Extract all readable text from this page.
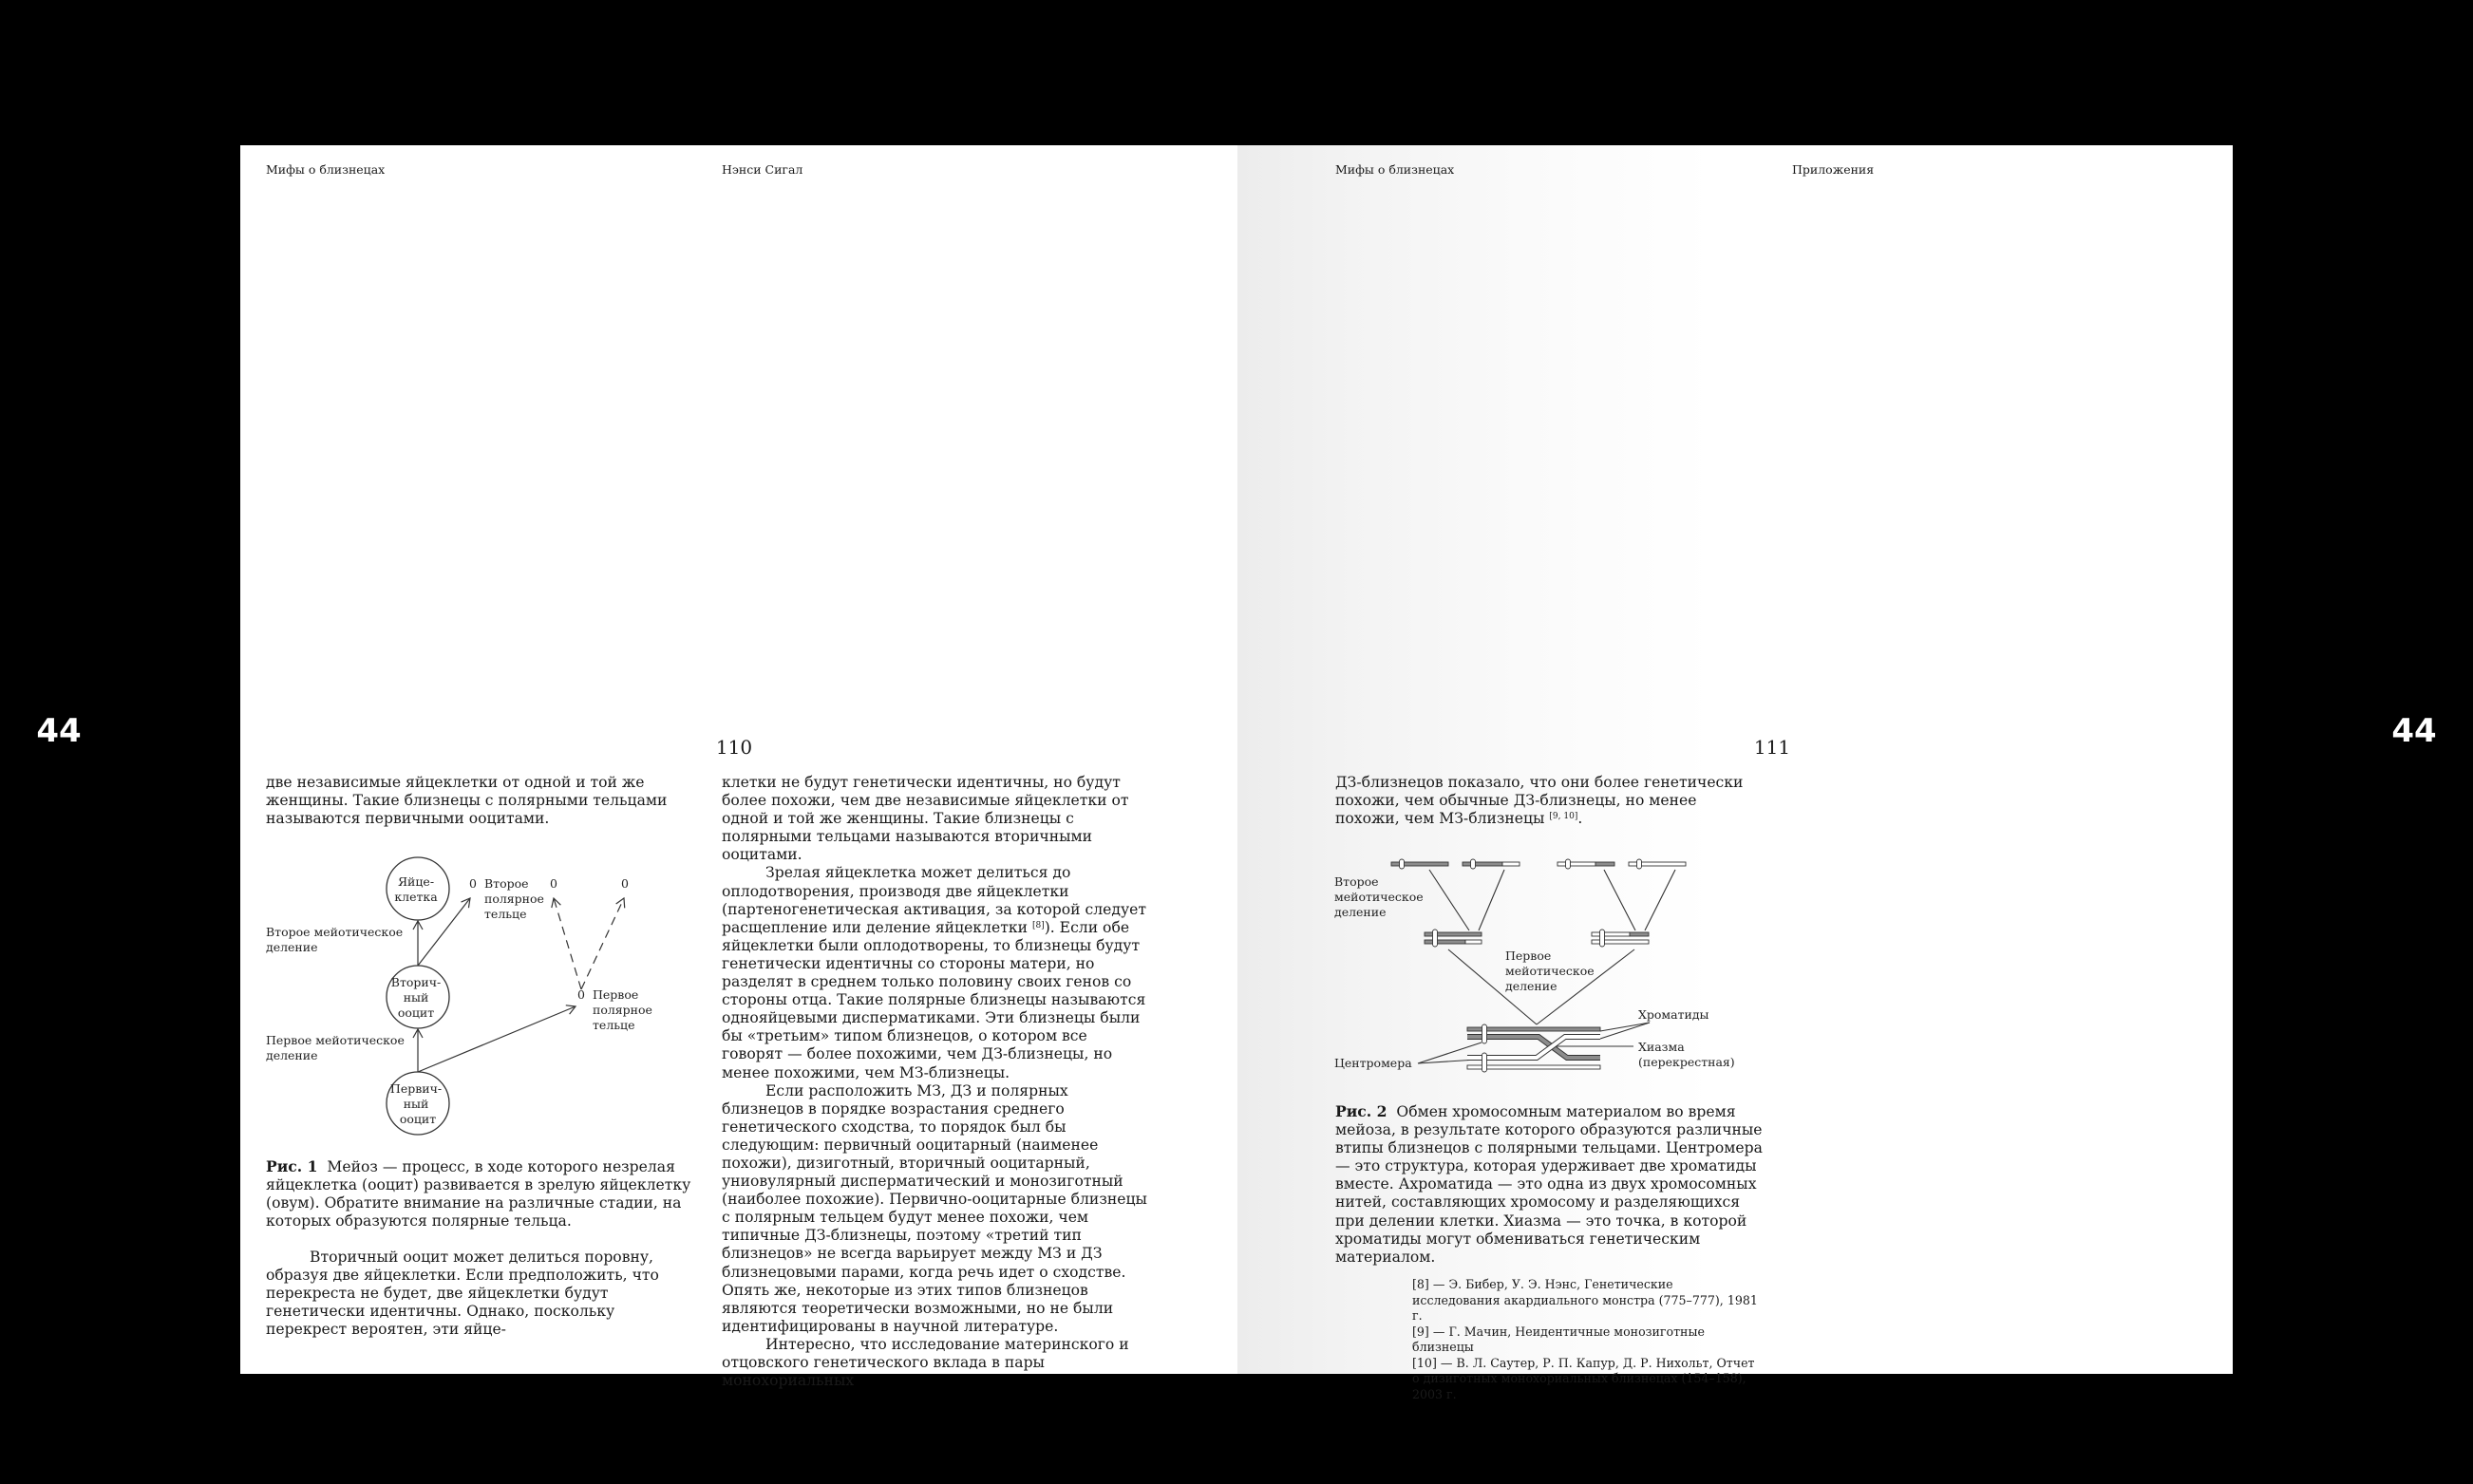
44	44
Мифы о близнецах	Нэнси Сигал
110

две независимые яйцеклетки от одной и той же женщины. Такие близнецы с полярными тельцами называются первичными ооцитами.

Яйце- клетка Вторич- ный ооцит Первич- ный ооцит
0	0	0 0
Второе полярное тельце Первое полярное тельце
Второе мейотическое деление Первое мейотическое деление

Рис. 1 Мейоз — процесс, в ходе которого незрелая яйцеклетка (ооцит) развивается в зрелую яйцеклетку (овум). Обратите внимание на различные стадии, на которых образуются полярные тельца.

Вторичный ооцит может делиться поровну, образуя две яйцеклетки. Если предположить, что перекреста не будет, две яйцеклетки будут генетически идентичны. Однако, поскольку перекрест вероятен, эти яйце-

клетки не будут генетически идентичны, но будут более похожи, чем две независимые яйцеклетки от одной и той же женщины. Такие близнецы с полярными тельцами называются вторичными ооцитами.

Зрелая яйцеклетка может делиться до оплодотворения, производя две яйцеклетки (партеногенетическая активация, за которой следует расщепление или деление яйцеклетки [8]). Если обе яйцеклетки были оплодотворены, то близнецы будут генетически идентичны со стороны матери, но разделят в среднем только половину своих генов со стороны отца. Такие полярные близнецы называются однояйцевыми дисперматиками. Эти близнецы были бы «третьим» типом близнецов, о котором все говорят — более похожими, чем ДЗ-близнецы, но менее похожими, чем МЗ-близнецы.

Если расположить МЗ, ДЗ и полярных близнецов в порядке возрастания среднего генетического сходства, то порядок был бы следующим: первичный ооцитарный (наименее похожи), дизиготный, вторичный ооцитарный, униовулярный дисперматический и монозиготный (наиболее похожие). Первично-ооцитарные близнецы с полярным тельцем будут менее похожи, чем типичные ДЗ-близнецы, поэтому «третий тип близнецов» не всегда варьирует между МЗ и ДЗ близнецовыми парами, когда речь идет о сходстве. Опять же, некоторые из этих типов близнецов являются теоретически возможными, но не были идентифицированы в научной литературе.

Интересно, что исследование материнского и отцовского генетического вклада в пары монохориальных

Мифы о близнецах	Приложения
111

ДЗ-близнецов показало, что они более генетически похожи, чем обычные ДЗ-близнецы, но менее похожи, чем МЗ-близнецы [9, 10].

Второе мейотическое деление Первое мейотическое деление Хроматиды Хиазма (перекрестная) Центромера

Рис. 2 Обмен хромосомным материалом во время мейоза, в результате которого образуются различные втипы близнецов с полярными тельцами. Центромера — это структура, которая удерживает две хроматиды вместе. Ахроматида — это одна из двух хромосомных нитей, составляющих хромосому и разделяющихся при делении клетки. Хиазма — это точка, в которой хроматиды могут обмениваться генетическим материалом.

[8] — Э. Бибер, У. Э. Нэнс, Генетические исследования акардиального монстра (775–777), 1981 г.

[9] — Г. Мачин, Неидентичные монозиготные близнецы

[10] — В. Л. Саутер, Р. П. Капур, Д. Р. Нихольт, Отчет о дизиготных монохориальных близнецах (154–158), 2003 г.
